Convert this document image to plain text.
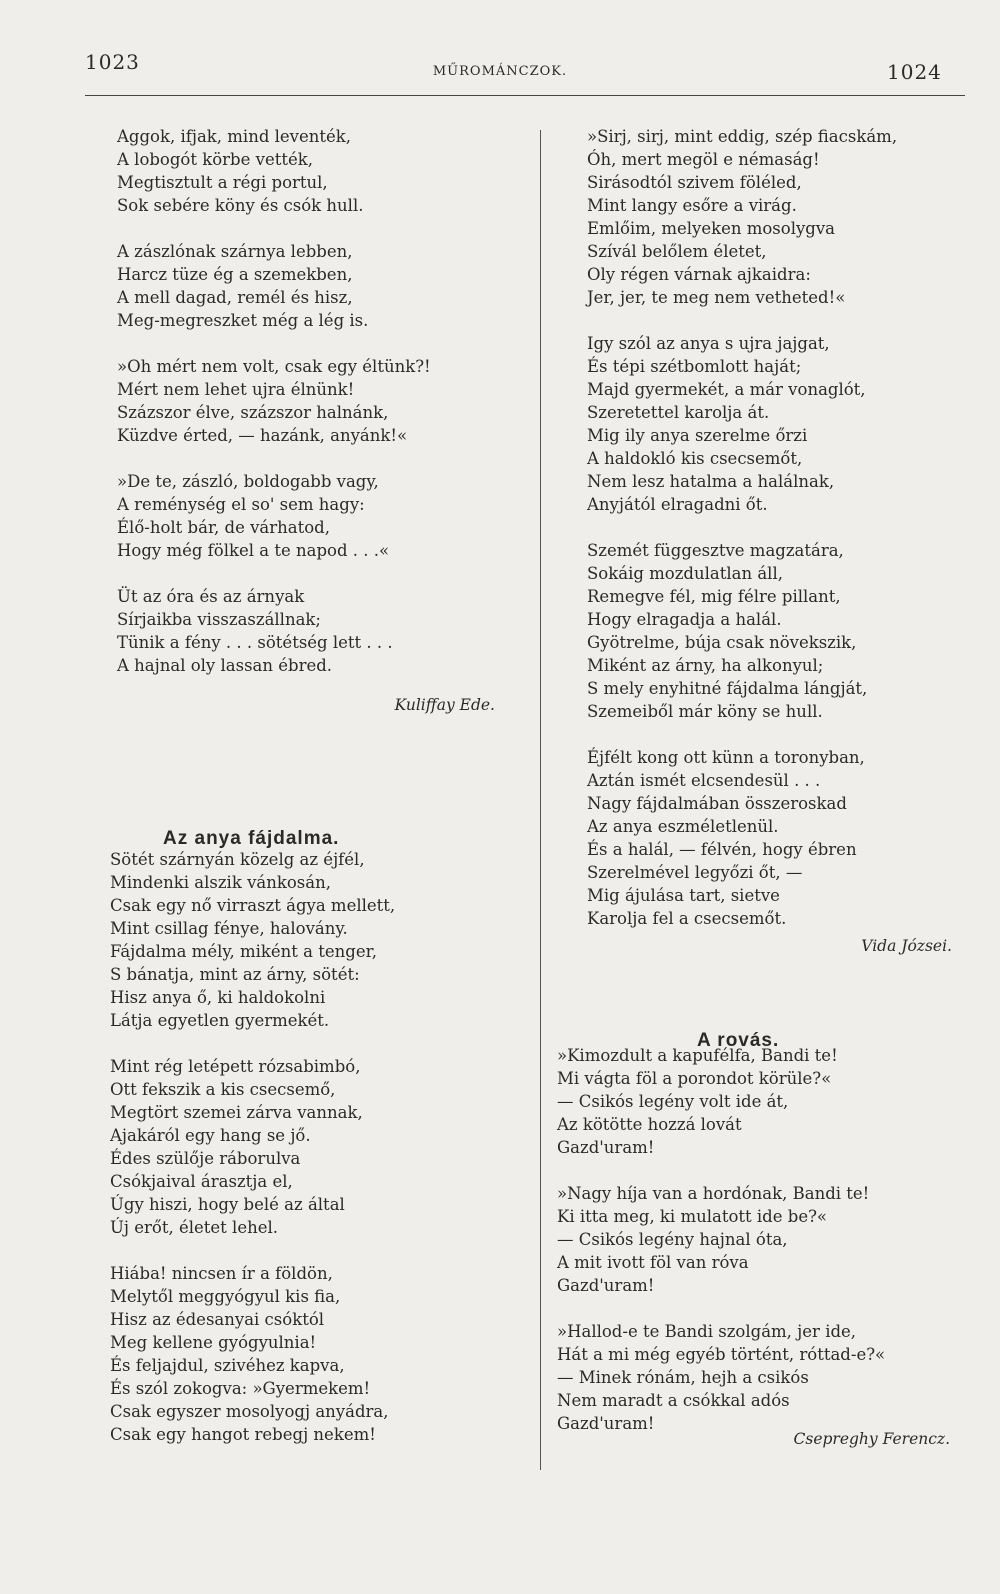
1023	MŰROMÁNCZOK.	1024
Aggok, ifjak, mind leventék,
A lobogót körbe vették,
Megtisztult a régi portul,
Sok sebére köny és csók hull.
A zászlónak szárnya lebben,
Harcz tüze ég a szemekben,
A mell dagad, remél és hisz,
Meg-megreszket még a lég is.
»Oh mért nem volt, csak egy éltünk?!
Mért nem lehet ujra élnünk!
Százszor élve, százszor halnánk,
Küzdve érted, — hazánk, anyánk!«
»De te, zászló, boldogabb vagy,
A reménység el so' sem hagy:
Élő-holt bár, de várhatod,
Hogy még fölkel a te napod . . .«
Üt az óra és az árnyak
Sírjaikba visszaszállnak;
Tünik a fény . . . sötétség lett . . .
A hajnal oly lassan ébred.
Kuliffay Ede.
Az anya fájdalma.
Sötét szárnyán közelg az éjfél,
Mindenki alszik vánkosán,
Csak egy nő virraszt ágya mellett,
Mint csillag fénye, halovány.
Fájdalma mély, miként a tenger,
S bánatja, mint az árny, sötét:
Hisz anya ő, ki haldokolni
Látja egyetlen gyermekét.
Mint rég letépett rózsabimbó,
Ott fekszik a kis csecsemő,
Megtört szemei zárva vannak,
Ajakáról egy hang se jő.
Édes szülője ráborulva
Csókjaival árasztja el,
Úgy hiszi, hogy belé az által
Új erőt, életet lehel.
Hiába! nincsen ír a földön,
Melytől meggyógyul kis fia,
Hisz az édesanyai csóktól
Meg kellene gyógyulnia!
És feljajdul, szivéhez kapva,
És szól zokogva: »Gyermekem!
Csak egyszer mosolyogj anyádra,
Csak egy hangot rebegj nekem!
»Sirj, sirj, mint eddig, szép fiacskám,
Óh, mert megöl e némaság!
Sirásodtól szivem föléled,
Mint langy esőre a virág.
Emlőim, melyeken mosolygva
Szívál belőlem életet,
Oly régen várnak ajkaidra:
Jer, jer, te meg nem vetheted!«
Igy szól az anya s ujra jajgat,
És tépi szétbomlott haját;
Majd gyermekét, a már vonaglót,
Szeretettel karolja át.
Mig ily anya szerelme őrzi
A haldokló kis csecsemőt,
Nem lesz hatalma a halálnak,
Anyjától elragadni őt.
Szemét függesztve magzatára,
Sokáig mozdulatlan áll,
Remegve fél, mig félre pillant,
Hogy elragadja a halál.
Gyötrelme, búja csak növekszik,
Miként az árny, ha alkonyul;
S mely enyhitné fájdalma lángját,
Szemeiből már köny se hull.
Éjfélt kong ott künn a toronyban,
Aztán ismét elcsendesül . . .
Nagy fájdalmában összeroskad
Az anya eszméletlenül.
És a halál, — félvén, hogy ébren
Szerelmével legyőzi őt, —
Mig ájulása tart, sietve
Karolja fel a csecsemőt.
Vida Józsei.
A rovás.
»Kimozdult a kapufélfa, Bandi te!
Mi vágta föl a porondot körüle?«
— Csikós legény volt ide át,
Az kötötte hozzá lovát
Gazd'uram!
»Nagy híja van a hordónak, Bandi te!
Ki itta meg, ki mulatott ide be?«
— Csikós legény hajnal óta,
A mit ivott föl van róva
Gazd'uram!
»Hallod-e te Bandi szolgám, jer ide,
Hát a mi még egyéb történt, róttad-e?«
— Minek rónám, hejh a csikós
Nem maradt a csókkal adós
Gazd'uram!
Csepreghy Ferencz.
